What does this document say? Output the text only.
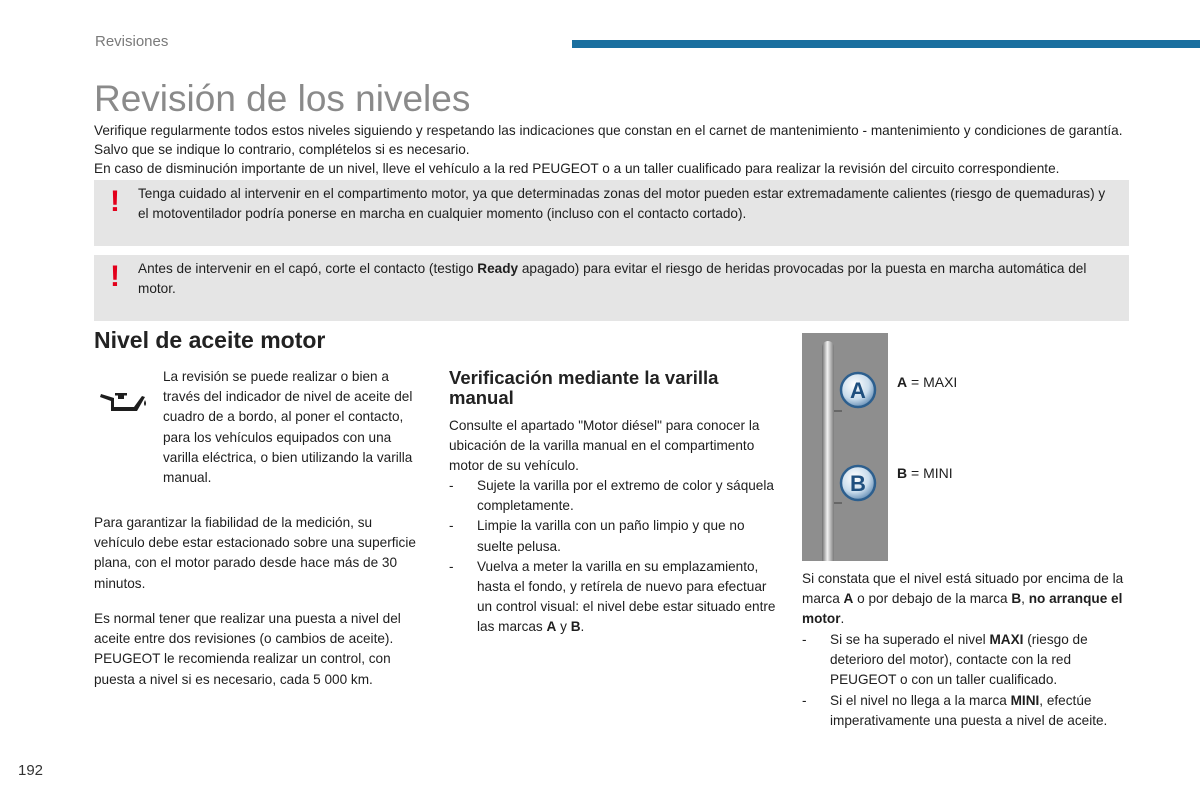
Revisiones
Revisión de los niveles

Verifique regularmente todos estos niveles siguiendo y respetando las indicaciones que constan en el carnet de mantenimiento - mantenimiento y condiciones de garantía. Salvo que se indique lo contrario, complételos si es necesario.

En caso de disminución importante de un nivel, lleve el vehículo a la red PEUGEOT o a un taller cualificado para realizar la revisión del circuito correspondiente.

! Tenga cuidado al intervenir en el compartimento motor, ya que determinadas zonas del motor pueden estar extremadamente calientes (riesgo de quemaduras) y el motoventilador podría ponerse en marcha en cualquier momento (incluso con el contacto cortado).
! Antes de intervenir en el capó, corte el contacto (testigo Ready apagado) para evitar el riesgo de heridas provocadas por la puesta en marcha automática del motor.
Nivel de aceite motor
La revisión se puede realizar o bien a través del indicador de nivel de aceite del cuadro de a bordo, al poner el contacto, para los vehículos equipados con una varilla eléctrica, o bien utilizando la varilla manual.
Para garantizar la fiabilidad de la medición, su vehículo debe estar estacionado sobre una superficie plana, con el motor parado desde hace más de 30 minutos.
Es normal tener que realizar una puesta a nivel del aceite entre dos revisiones (o cambios de aceite). PEUGEOT le recomienda realizar un control, con puesta a nivel si es necesario, cada 5 000 km.
Verificación mediante la varilla manual
Consulte el apartado "Motor diésel" para conocer la ubicación de la varilla manual en el compartimento motor de su vehículo.
- Sujete la varilla por el extremo de color y sáquela completamente.
- Limpie la varilla con un paño limpio y que no suelte pelusa.
- Vuelva a meter la varilla en su emplazamiento, hasta el fondo, y retírela de nuevo para efectuar un control visual: el nivel debe estar situado entre las marcas A y B.
A
B
A = MAXI
B = MINI
Si constata que el nivel está situado por encima de la marca A o por debajo de la marca B, no arranque el motor.
- Si se ha superado el nivel MAXI (riesgo de deterioro del motor), contacte con la red PEUGEOT o con un taller cualificado.
- Si el nivel no llega a la marca MINI, efectúe imperativamente una puesta a nivel de aceite.
192
